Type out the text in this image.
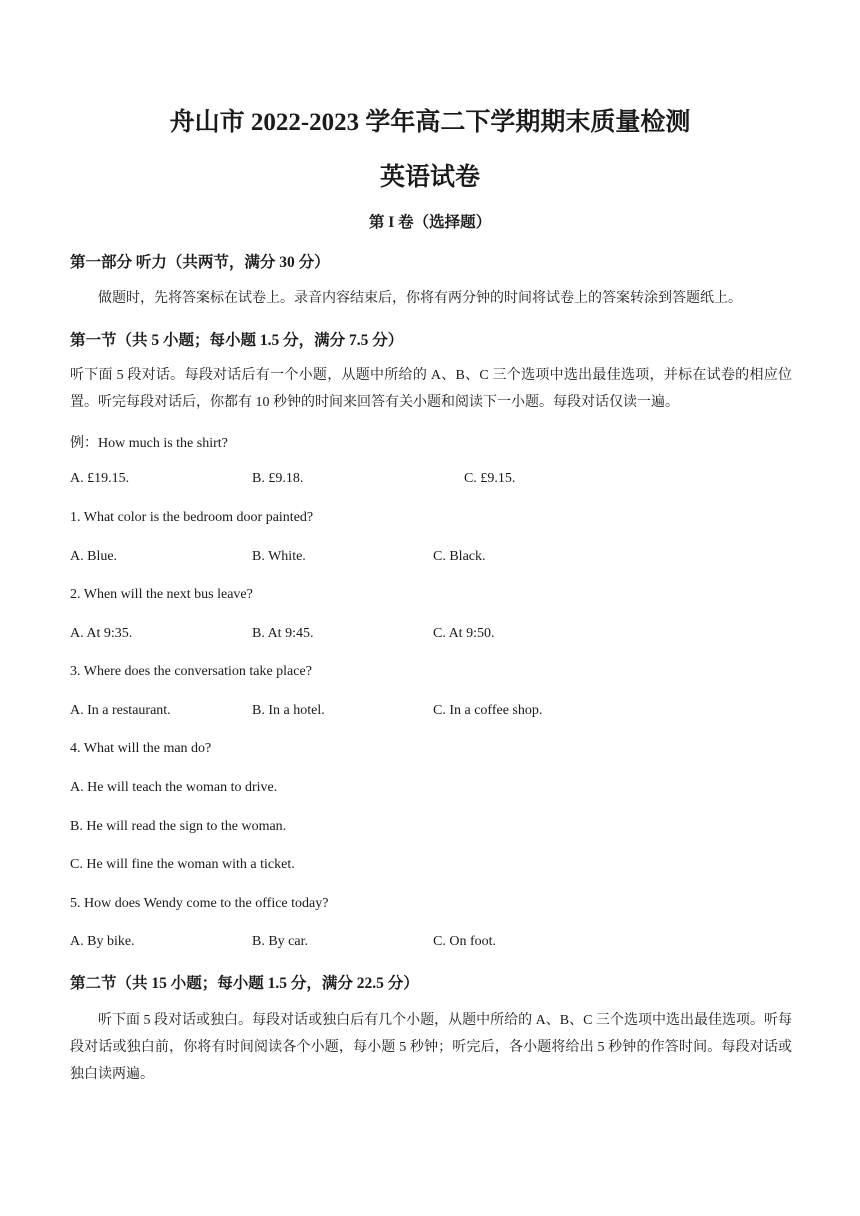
舟山市 2022-2023 学年高二下学期期末质量检测
英语试卷
第 I 卷（选择题）
第一部分 听力（共两节，满分 30 分）
做题时，先将答案标在试卷上。录音内容结束后，你将有两分钟的时间将试卷上的答案转涂到答题纸上。
第一节（共 5 小题；每小题 1.5 分，满分 7.5 分）
听下面 5 段对话。每段对话后有一个小题，从题中所给的 A、B、C 三个选项中选出最佳选项，并标在试卷的相应位置。听完每段对话后，你都有 10 秒钟的时间来回答有关小题和阅读下一小题。每段对话仅读一遍。
例：How much is the shirt?
A. £19.15.	B. £9.18.	C. £9.15.
1. What color is the bedroom door painted?
A. Blue.	B. White.	C. Black.
2. When will the next bus leave?
A. At 9:35.	B. At 9:45.	C. At 9:50.
3. Where does the conversation take place?
A. In a restaurant.	B. In a hotel.	C. In a coffee shop.
4. What will the man do?
A. He will teach the woman to drive.
B. He will read the sign to the woman.
C. He will fine the woman with a ticket.
5. How does Wendy come to the office today?
A. By bike.	B. By car.	C. On foot.
第二节（共 15 小题；每小题 1.5 分，满分 22.5 分）
听下面 5 段对话或独白。每段对话或独白后有几个小题，从题中所给的 A、B、C 三个选项中选出最佳选项。听每段对话或独白前，你将有时间阅读各个小题，每小题 5 秒钟；听完后，各小题将给出 5 秒钟的作答时间。每段对话或独白读两遍。
